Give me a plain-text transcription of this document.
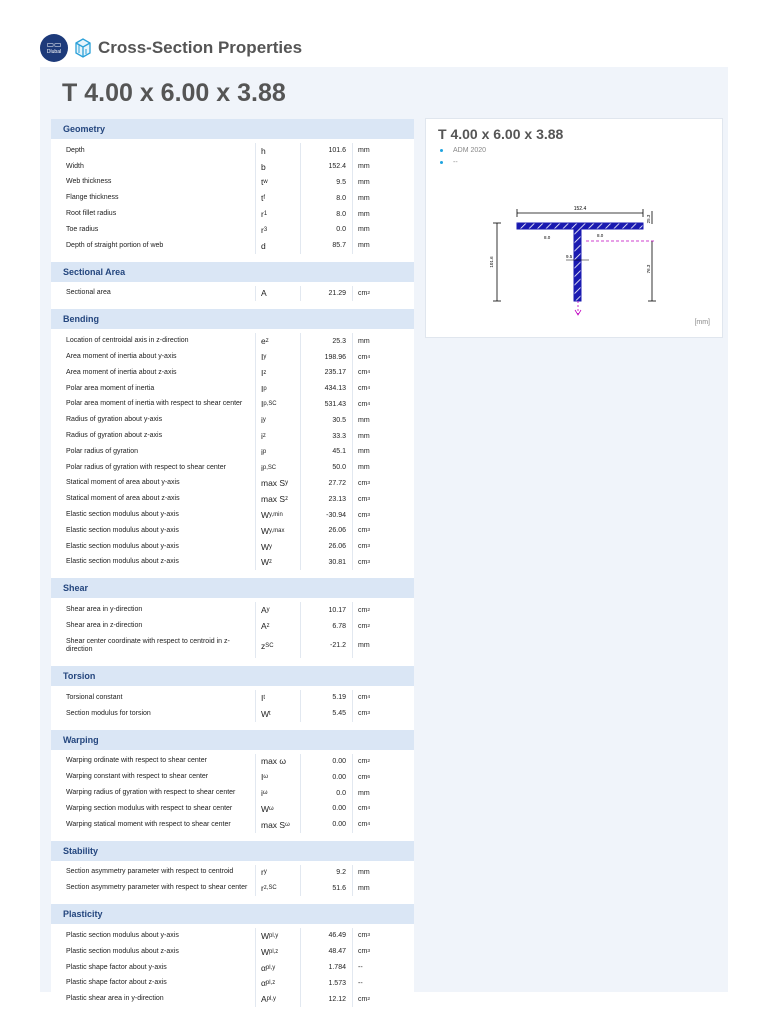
▭▭
Dlubal Cross-Section Properties
T 4.00 x 6.00 x 3.88
Geometry
Depth	h	101.6	mm
Width	b	152.4	mm
Web thickness	t w	9.5	mm
Flange thickness	t f	8.0	mm
Root fillet radius	r 1	8.0	mm
Toe radius	r 3	0.0	mm
Depth of straight portion of web	d	85.7	mm
Sectional Area
Sectional area	A	21.29	cm 2
Bending
Location of centroidal axis in z-direction	e z	25.3	mm
Area moment of inertia about y-axis	I y	198.96	cm 4
Area moment of inertia about z-axis	I z	235.17	cm 4
Polar area moment of inertia	I p	434.13	cm 4
Polar area moment of inertia with respect to shear center	I p,SC	531.43	cm 4
Radius of gyration about y-axis	i y	30.5	mm
Radius of gyration about z-axis	i z	33.3	mm
Polar radius of gyration	i p	45.1	mm
Polar radius of gyration with respect to shear center	i p,SC	50.0	mm
Statical moment of area about y-axis	max S y	27.72	cm 3
Statical moment of area about z-axis	max S z	23.13	cm 3
Elastic section modulus about y-axis	W y,min	-30.94	cm 3
Elastic section modulus about y-axis	W y,max	26.06	cm 3
Elastic section modulus about y-axis	W y	26.06	cm 3
Elastic section modulus about z-axis	W z	30.81	cm 3
Shear
Shear area in y-direction	A y	10.17	cm 2
Shear area in z-direction	A z	6.78	cm 2
Shear center coordinate with respect to centroid in z-direction	z SC	-21.2	mm
Torsion
Torsional constant	I t	5.19	cm 4
Section modulus for torsion	W t	5.45	cm 3
Warping
Warping ordinate with respect to shear center	max ω	0.00	cm 2
Warping constant with respect to shear center	I ω	0.00	cm 6
Warping radius of gyration with respect to shear center	i ω	0.0	mm
Warping section modulus with respect to shear center	W ω	0.00	cm 4
Warping statical moment with respect to shear center	max S ω	0.00	cm 4
Stability
Section asymmetry parameter with respect to centroid	r y	9.2	mm
Section asymmetry parameter with respect to shear center	r z,SC	51.6	mm
Plasticity
Plastic section modulus about y-axis	W pl,y	46.49	cm 3
Plastic section modulus about z-axis	W pl,z	48.47	cm 3
Plastic shape factor about y-axis	α pl,y	1.784	--
Plastic shape factor about z-axis	α pl,z	1.573	--
Plastic shear area in y-direction	A pl,y	12.12	cm 2
T 4.00 x 6.00 x 3.88
ADM 2020
--
152.4
25.3
101.6
76.3
8.0	8.0
9.5
[mm]
